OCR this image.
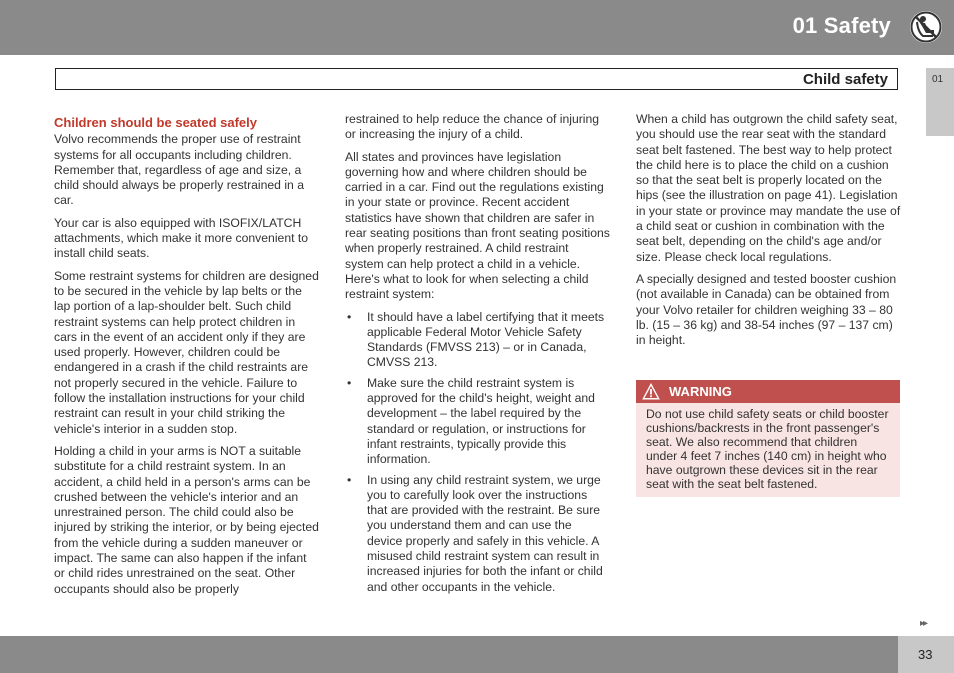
01 Safety
Child safety	01
Children should be seated safely

Volvo recommends the proper use of restraint systems for all occupants including children. Remember that, regardless of age and size, a child should always be properly restrained in a car.

Your car is also equipped with ISOFIX/LATCH attachments, which make it more convenient to install child seats.

Some restraint systems for children are designed to be secured in the vehicle by lap belts or the lap portion of a lap-shoulder belt. Such child restraint systems can help protect children in cars in the event of an accident only if they are used properly. However, children could be endangered in a crash if the child restraints are not properly secured in the vehicle. Failure to follow the installation instructions for your child restraint can result in your child striking the vehicle's interior in a sudden stop.

Holding a child in your arms is NOT a suitable substitute for a child restraint system. In an accident, a child held in a person's arms can be crushed between the vehicle's interior and an unrestrained person. The child could also be injured by striking the interior, or by being ejected from the vehicle during a sudden maneuver or impact. The same can also happen if the infant or child rides unrestrained on the seat. Other occupants should also be properly

restrained to help reduce the chance of injuring or increasing the injury of a child.

All states and provinces have legislation governing how and where children should be carried in a car. Find out the regulations existing in your state or province. Recent accident statistics have shown that children are safer in rear seating positions than front seating positions when properly restrained. A child restraint system can help protect a child in a vehicle. Here's what to look for when selecting a child restraint system:

• It should have a label certifying that it meets applicable Federal Motor Vehicle Safety Standards (FMVSS 213) – or in Canada, CMVSS 213.
• Make sure the child restraint system is approved for the child's height, weight and development – the label required by the standard or regulation, or instructions for infant restraints, typically provide this information.
• In using any child restraint system, we urge you to carefully look over the instructions that are provided with the restraint. Be sure you understand them and can use the device properly and safely in this vehicle. A misused child restraint system can result in increased injuries for both the infant or child and other occupants in the vehicle.

When a child has outgrown the child safety seat, you should use the rear seat with the standard seat belt fastened. The best way to help protect the child here is to place the child on a cushion so that the seat belt is properly located on the hips (see the illustration on page 41). Legislation in your state or province may mandate the use of a child seat or cushion in combination with the seat belt, depending on the child's age and/or size. Please check local regulations.

A specially designed and tested booster cushion (not available in Canada) can be obtained from your Volvo retailer for children weighing 33 – 80 lb. (15 – 36 kg) and 38-54 inches (97 – 137 cm) in height.

WARNING
Do not use child safety seats or child booster cushions/backrests in the front passenger's seat. We also recommend that children under 4 feet 7 inches (140 cm) in height who have outgrown these devices sit in the rear seat with the seat belt fastened.
▸▸
33
